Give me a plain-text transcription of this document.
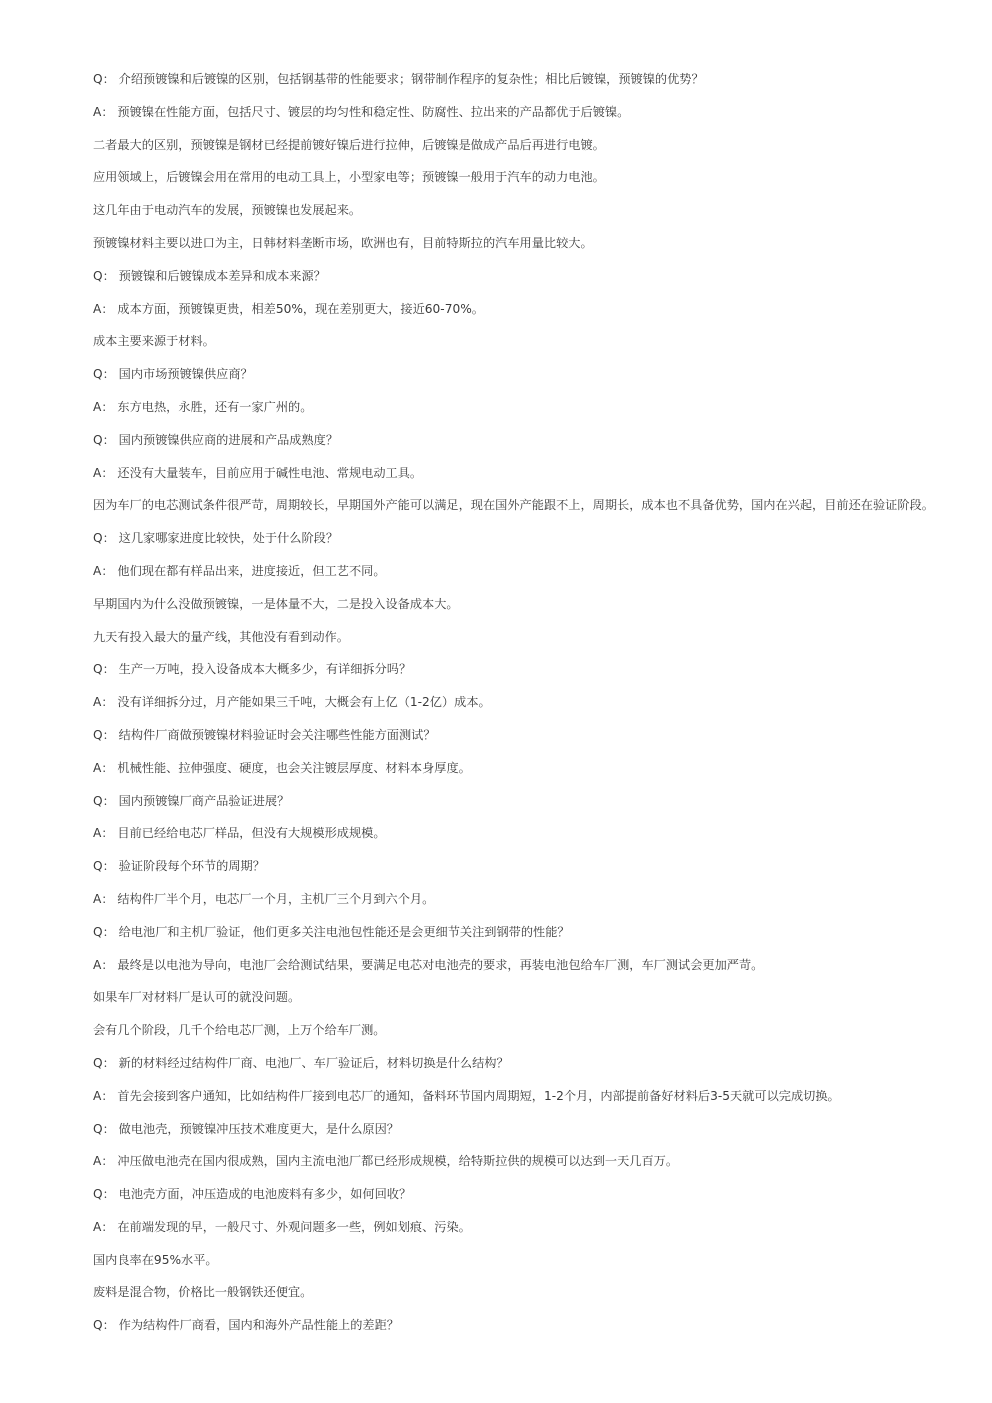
Q： 介绍预镀镍和后镀镍的区别，包括钢基带的性能要求；钢带制作程序的复杂性；相比后镀镍，预镀镍的优势？

A： 预镀镍在性能方面，包括尺寸、镀层的均匀性和稳定性、防腐性、拉出来的产品都优于后镀镍。

二者最大的区别，预镀镍是钢材已经提前镀好镍后进行拉伸，后镀镍是做成产品后再进行电镀。

应用领域上，后镀镍会用在常用的电动工具上，小型家电等；预镀镍一般用于汽车的动力电池。

这几年由于电动汽车的发展，预镀镍也发展起来。

预镀镍材料主要以进口为主，日韩材料垄断市场，欧洲也有，目前特斯拉的汽车用量比较大。

Q： 预镀镍和后镀镍成本差异和成本来源？

A： 成本方面，预镀镍更贵，相差50%，现在差别更大，接近60-70%。

成本主要来源于材料。

Q： 国内市场预镀镍供应商？

A： 东方电热，永胜，还有一家广州的。

Q： 国内预镀镍供应商的进展和产品成熟度？

A： 还没有大量装车，目前应用于碱性电池、常规电动工具。

因为车厂的电芯测试条件很严苛，周期较长，早期国外产能可以满足，现在国外产能跟不上，周期长，成本也不具备优势，国内在兴起，目前还在验证阶段。

Q： 这几家哪家进度比较快，处于什么阶段？

A： 他们现在都有样品出来，进度接近，但工艺不同。

早期国内为什么没做预镀镍，一是体量不大，二是投入设备成本大。

九天有投入最大的量产线，其他没有看到动作。

Q： 生产一万吨，投入设备成本大概多少，有详细拆分吗？

A： 没有详细拆分过，月产能如果三千吨，大概会有上亿（1-2亿）成本。

Q： 结构件厂商做预镀镍材料验证时会关注哪些性能方面测试？

A： 机械性能、拉伸强度、硬度，也会关注镀层厚度、材料本身厚度。

Q： 国内预镀镍厂商产品验证进展？

A： 目前已经给电芯厂样品，但没有大规模形成规模。

Q： 验证阶段每个环节的周期？

A： 结构件厂半个月，电芯厂一个月，主机厂三个月到六个月。

Q： 给电池厂和主机厂验证，他们更多关注电池包性能还是会更细节关注到钢带的性能？

A： 最终是以电池为导向，电池厂会给测试结果，要满足电芯对电池壳的要求，再装电池包给车厂测，车厂测试会更加严苛。

如果车厂对材料厂是认可的就没问题。

会有几个阶段，几千个给电芯厂测，上万个给车厂测。

Q： 新的材料经过结构件厂商、电池厂、车厂验证后，材料切换是什么结构？

A： 首先会接到客户通知，比如结构件厂接到电芯厂的通知，备料环节国内周期短，1-2个月，内部提前备好材料后3-5天就可以完成切换。

Q： 做电池壳，预镀镍冲压技术难度更大，是什么原因？

A： 冲压做电池壳在国内很成熟，国内主流电池厂都已经形成规模，给特斯拉供的规模可以达到一天几百万。

Q： 电池壳方面，冲压造成的电池废料有多少，如何回收？

A： 在前端发现的早，一般尺寸、外观问题多一些，例如划痕、污染。

国内良率在95%水平。

废料是混合物，价格比一般钢铁还便宜。

Q： 作为结构件厂商看，国内和海外产品性能上的差距？
